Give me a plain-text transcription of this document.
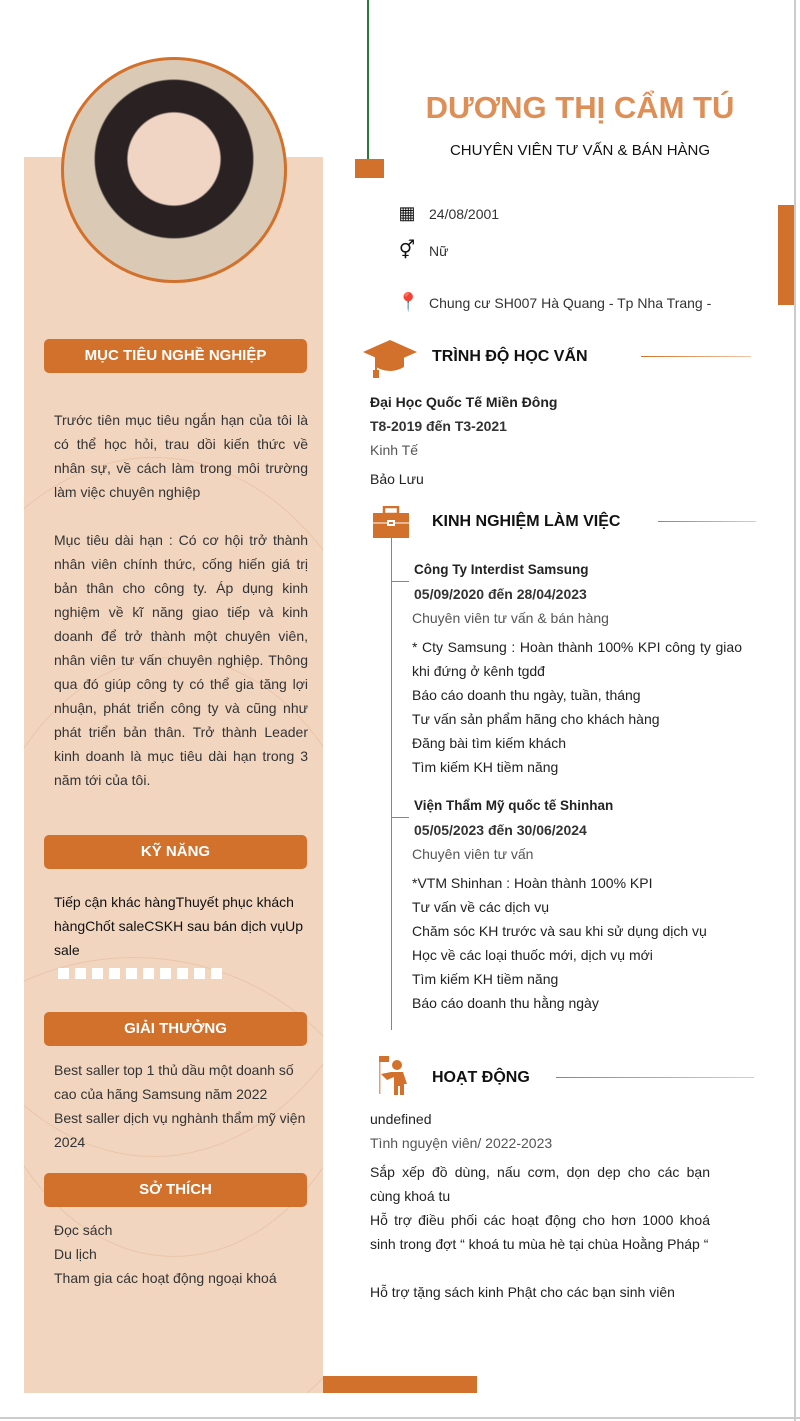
MỤC TIÊU NGHỀ NGHIỆP
Trước tiên mục tiêu ngắn hạn của tôi là có thể học hỏi, trau dồi kiến thức về nhân sự, về cách làm trong môi trường làm việc chuyên nghiệp
Mục tiêu dài hạn : Có cơ hội trở thành nhân viên chính thức, cống hiến giá trị bản thân cho công ty. Áp dụng kinh nghiệm về kĩ năng giao tiếp và kinh doanh để trở thành một chuyên viên, nhân viên tư vấn chuyên nghiệp. Thông qua đó giúp công ty có thể gia tăng lợi nhuận, phát triển công ty và cũng như phát triển bản thân. Trở thành Leader kinh doanh là mục tiêu dài hạn trong 3 năm tới của tôi.
KỸ NĂNG
Tiếp cận khác hàngThuyết phục khách hàngChốt saleCSKH sau bán dịch vụUp sale
GIẢI THƯỞNG
Best saller top 1 thủ dầu một doanh số cao của hãng Samsung năm 2022
Best saller dịch vụ nghành thẩm mỹ viện 2024
SỞ THÍCH
Đọc sách
Du lịch
Tham gia các hoạt động ngoại khoá
DƯƠNG THỊ CẨM TÚ
CHUYÊN VIÊN TƯ VẤN & BÁN HÀNG
▦ 24/08/2001
⚥ Nữ
📍 Chung cư SH007 Hà Quang - Tp Nha Trang -
TRÌNH ĐỘ HỌC VẤN
Đại Học Quốc Tế Miền Đông
T8-2019 đến T3-2021
Kinh Tế
Bảo Lưu
KINH NGHIỆM LÀM VIỆC
Công Ty Interdist Samsung
05/09/2020 đến 28/04/2023
Chuyên viên tư vấn & bán hàng
* Cty Samsung : Hoàn thành 100% KPI công ty giao khi đứng ở kênh tgdđ
Báo cáo doanh thu ngày, tuần, tháng
Tư vấn sản phẩm hãng cho khách hàng
Đăng bài tìm kiếm khách
Tìm kiếm KH tiềm năng
Viện Thẩm Mỹ quốc tế Shinhan
05/05/2023 đến 30/06/2024
Chuyên viên tư vấn
*VTM Shinhan : Hoàn thành 100% KPI
Tư vấn về các dịch vụ
Chăm sóc KH trước và sau khi sử dụng dịch vụ
Học về các loại thuốc mới, dịch vụ mới
Tìm kiếm KH tiềm năng
Báo cáo doanh thu hằng ngày
HOẠT ĐỘNG
undefined
Tình nguyện viên/ 2022-2023
Sắp xếp đồ dùng, nấu cơm, dọn dẹp cho các bạn cùng khoá tu
Hỗ trợ điều phối các hoạt động cho hơn 1000 khoá sinh trong đợt “ khoá tu mùa hè tại chùa Hoằng Pháp “
Hỗ trợ tặng sách kinh Phật cho các bạn sinh viên
